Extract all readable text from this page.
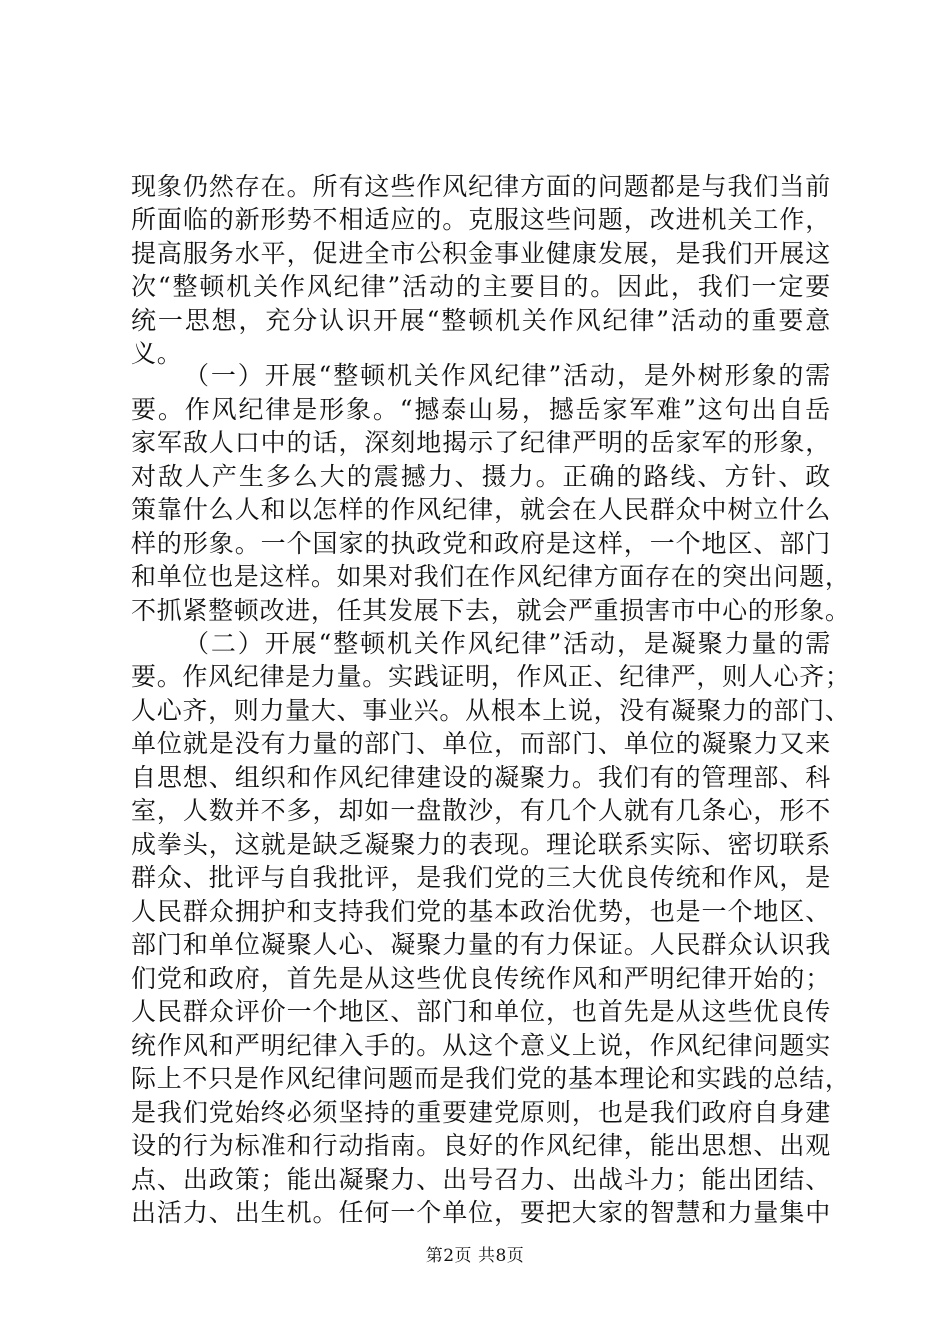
现象仍然存在。所有这些作风纪律方面的问题都是与我们当前
所面临的新形势不相适应的。克服这些问题，改进机关工作，
提高服务水平，促进全市公积金事业健康发展，是我们开展这
次“整顿机关作风纪律”活动的主要目的。因此，我们一定要
统一思想，充分认识开展“整顿机关作风纪律”活动的重要意
义。
（一）开展“整顿机关作风纪律”活动，是外树形象的需
要。作风纪律是形象。“撼泰山易，撼岳家军难”这句出自岳
家军敌人口中的话，深刻地揭示了纪律严明的岳家军的形象，
对敌人产生多么大的震撼力、摄力。正确的路线、方针、政
策靠什么人和以怎样的作风纪律，就会在人民群众中树立什么
样的形象。一个国家的执政党和政府是这样，一个地区、部门
和单位也是这样。如果对我们在作风纪律方面存在的突出问题，
不抓紧整顿改进，任其发展下去，就会严重损害市中心的形象。
（二）开展“整顿机关作风纪律”活动，是凝聚力量的需
要。作风纪律是力量。实践证明，作风正、纪律严，则人心齐；
人心齐，则力量大、事业兴。从根本上说，没有凝聚力的部门、
单位就是没有力量的部门、单位，而部门、单位的凝聚力又来
自思想、组织和作风纪律建设的凝聚力。我们有的管理部、科
室，人数并不多，却如一盘散沙，有几个人就有几条心，形不
成拳头，这就是缺乏凝聚力的表现。理论联系实际、密切联系
群众、批评与自我批评，是我们党的三大优良传统和作风，是
人民群众拥护和支持我们党的基本政治优势，也是一个地区、
部门和单位凝聚人心、凝聚力量的有力保证。人民群众认识我
们党和政府，首先是从这些优良传统作风和严明纪律开始的；
人民群众评价一个地区、部门和单位，也首先是从这些优良传
统作风和严明纪律入手的。从这个意义上说，作风纪律问题实
际上不只是作风纪律问题而是我们党的基本理论和实践的总结，
是我们党始终必须坚持的重要建党原则，也是我们政府自身建
设的行为标准和行动指南。良好的作风纪律，能出思想、出观
点、出政策；能出凝聚力、出号召力、出战斗力；能出团结、
出活力、出生机。任何一个单位，要把大家的智慧和力量集中
第2页 共8页
